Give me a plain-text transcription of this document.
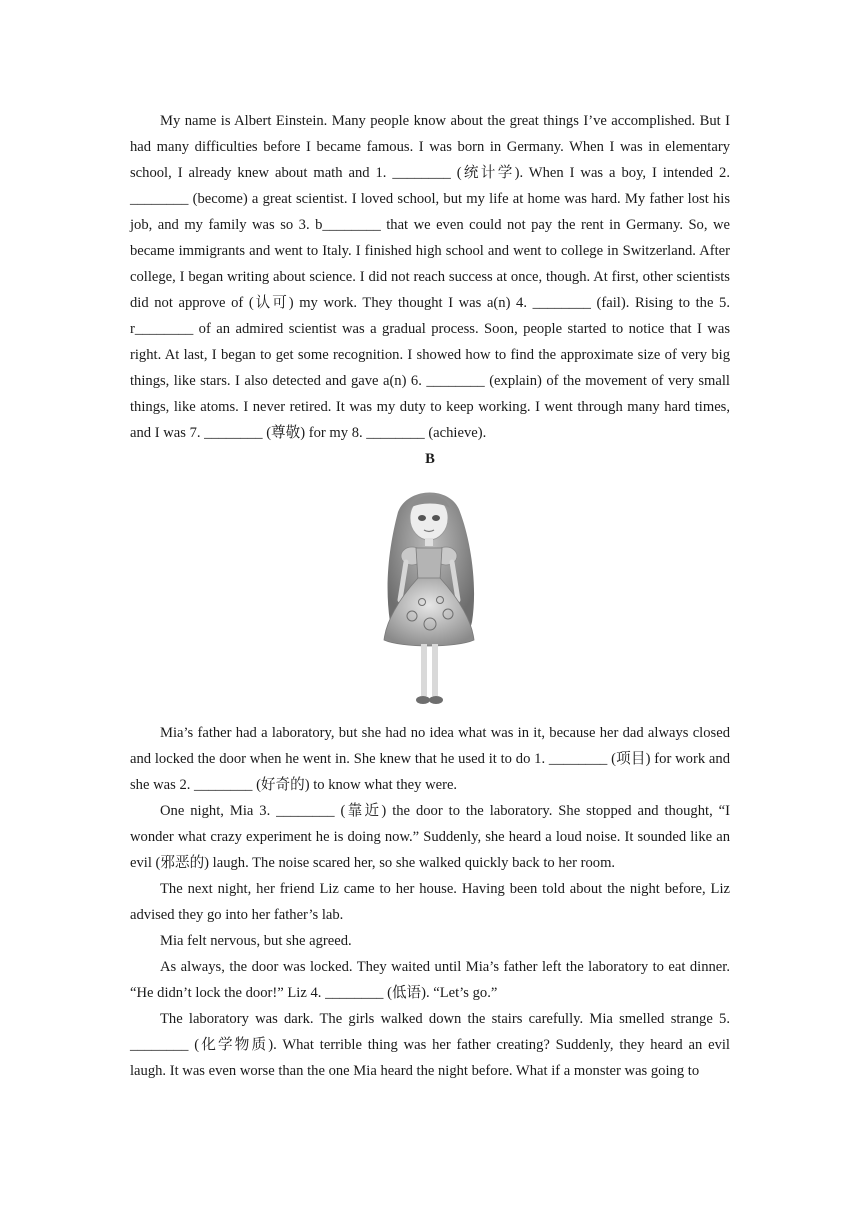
My name is Albert Einstein. Many people know about the great things I’ve accomplished. But I had many difficulties before I became famous. I was born in Germany. When I was in elementary school, I already knew about math and 1. ________ (统计学). When I was a boy, I intended 2. ________ (become) a great scientist. I loved school, but my life at home was hard. My father lost his job, and my family was so 3. b________ that we even could not pay the rent in Germany. So, we became immigrants and went to Italy. I finished high school and went to college in Switzerland. After college, I began writing about science. I did not reach success at once, though. At first, other scientists did not approve of (认可) my work. They thought I was a(n) 4. ________ (fail). Rising to the 5. r________ of an admired scientist was a gradual process. Soon, people started to notice that I was right. At last, I began to get some recognition. I showed how to find the approximate size of very big things, like stars. I also detected and gave a(n) 6. ________ (explain) of the movement of very small things, like atoms. I never retired. It was my duty to keep working. I went through many hard times, and I was 7. ________ (尊敬) for my 8. ________ (achieve).

B

Mia’s father had a laboratory, but she had no idea what was in it, because her dad always closed and locked the door when he went in. She knew that he used it to do 1. ________ (项目) for work and she was 2. ________ (好奇的) to know what they were.

One night, Mia 3. ________ (靠近) the door to the laboratory. She stopped and thought, “I wonder what crazy experiment he is doing now.” Suddenly, she heard a loud noise. It sounded like an evil (邪恶的) laugh. The noise scared her, so she walked quickly back to her room.

The next night, her friend Liz came to her house. Having been told about the night before, Liz advised they go into her father’s lab.

Mia felt nervous, but she agreed.

As always, the door was locked. They waited until Mia’s father left the laboratory to eat dinner. “He didn’t lock the door!” Liz 4. ________ (低语). “Let’s go.”

The laboratory was dark. The girls walked down the stairs carefully. Mia smelled strange 5. ________ (化学物质). What terrible thing was her father creating? Suddenly, they heard an evil laugh. It was even worse than the one Mia heard the night before. What if a monster was going to
